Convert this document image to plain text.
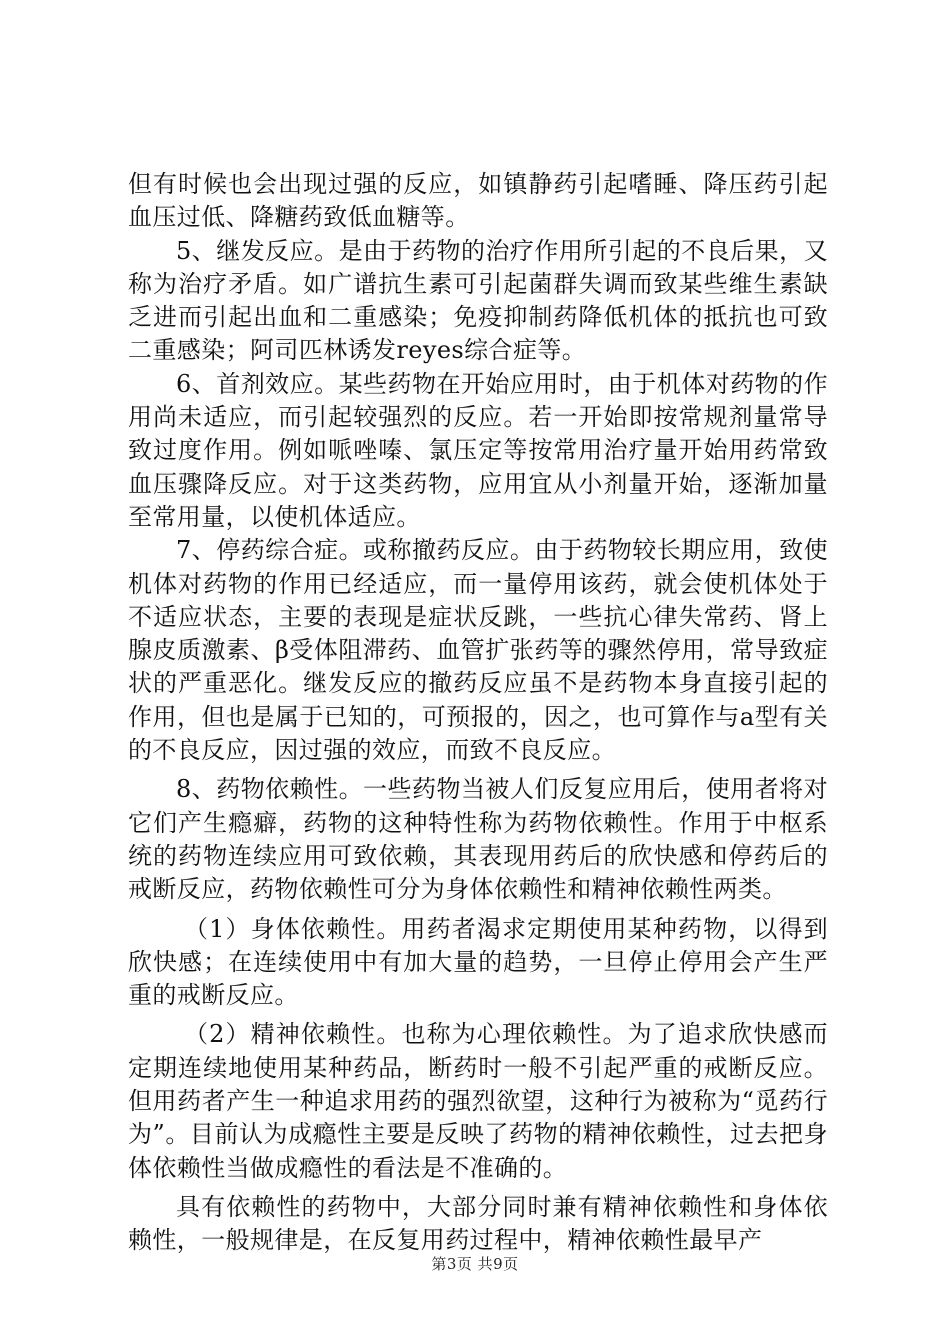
但有时候也会出现过强的反应，如镇静药引起嗜睡、降压药引起血压过低、降糖药致低血糖等。

5、继发反应。是由于药物的治疗作用所引起的不良后果，又称为治疗矛盾。如广谱抗生素可引起菌群失调而致某些维生素缺乏进而引起出血和二重感染；免疫抑制药降低机体的抵抗也可致二重感染；阿司匹林诱发reyes综合症等。

6、首剂效应。某些药物在开始应用时，由于机体对药物的作用尚未适应，而引起较强烈的反应。若一开始即按常规剂量常导致过度作用。例如哌唑嗪、氯压定等按常用治疗量开始用药常致血压骤降反应。对于这类药物，应用宜从小剂量开始，逐渐加量至常用量，以使机体适应。

7、停药综合症。或称撤药反应。由于药物较长期应用，致使机体对药物的作用已经适应，而一量停用该药，就会使机体处于不适应状态，主要的表现是症状反跳，一些抗心律失常药、肾上腺皮质激素、β受体阻滞药、血管扩张药等的骤然停用，常导致症状的严重恶化。继发反应的撤药反应虽不是药物本身直接引起的作用，但也是属于已知的，可预报的，因之，也可算作与a型有关的不良反应，因过强的效应，而致不良反应。

8、药物依赖性。一些药物当被人们反复应用后，使用者将对它们产生瘾癖，药物的这种特性称为药物依赖性。作用于中枢系统的药物连续应用可致依赖，其表现用药后的欣快感和停药后的戒断反应，药物依赖性可分为身体依赖性和精神依赖性两类。

（1）身体依赖性。用药者渴求定期使用某种药物，以得到欣快感；在连续使用中有加大量的趋势，一旦停止停用会产生严重的戒断反应。

（2）精神依赖性。也称为心理依赖性。为了追求欣快感而定期连续地使用某种药品，断药时一般不引起严重的戒断反应。但用药者产生一种追求用药的强烈欲望，这种行为被称为“觅药行为”。目前认为成瘾性主要是反映了药物的精神依赖性，过去把身体依赖性当做成瘾性的看法是不准确的。

具有依赖性的药物中，大部分同时兼有精神依赖性和身体依赖性，一般规律是，在反复用药过程中，精神依赖性最早产

第3页 共9页
